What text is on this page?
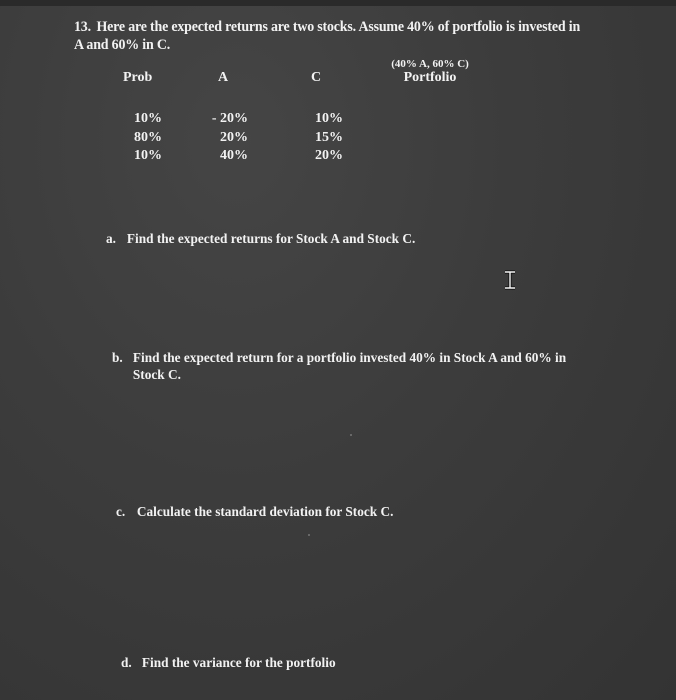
13. Here are the expected returns are two stocks. Assume 40% of portfolio is invested in
A and 60% in C.
Prob	A	C
(40% A, 60% C)
Portfolio
10%
80%
10%
- 20%
20%
40%
10%
15%
20%
a. Find the expected returns for Stock A and Stock C.
b. Find the expected return for a portfolio invested 40% in Stock A and 60% in
Stock C.
c. Calculate the standard deviation for Stock C.
d. Find the variance for the portfolio
